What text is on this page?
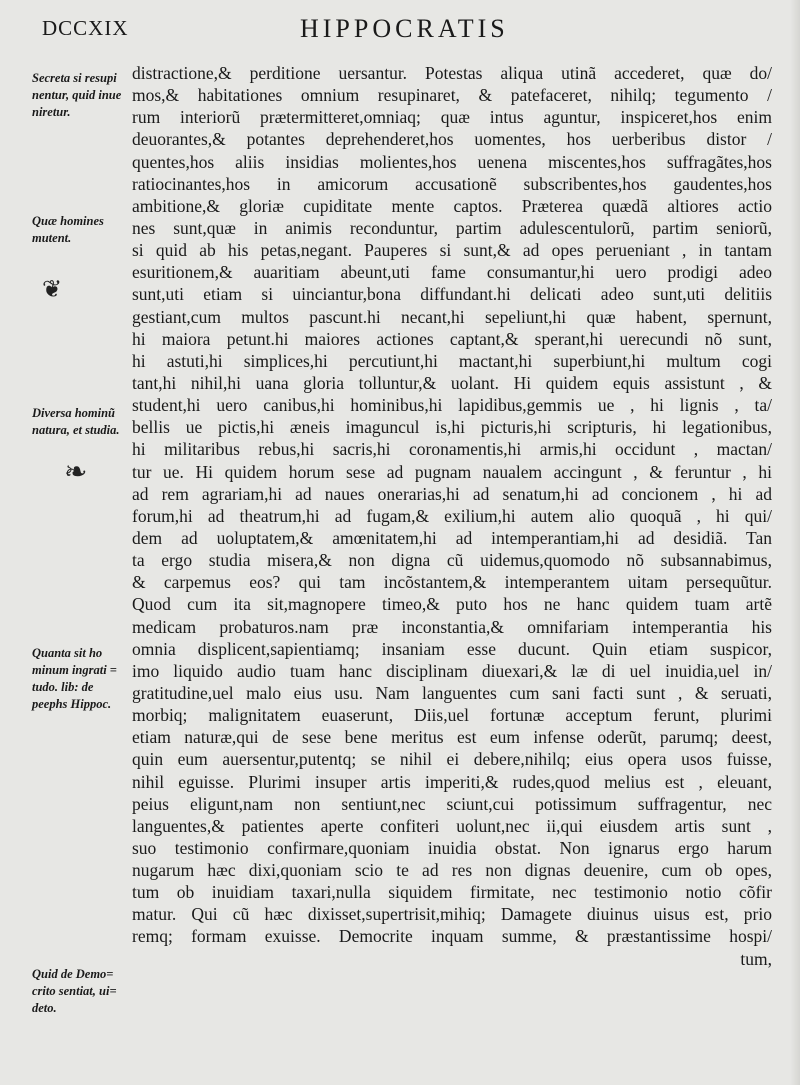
DCCXIX	HIPPOCRATIS
Secreta si resupi nentur, quid inue niretur.
Quæ homines mutent.
Diversa hominũ natura, et studia.
Quanta sit ho minum ingrati = tudo. lib: de peephs Hippoc.
Quid de Demo= crito sentiat, ui= deto.
❦
❧
distractione,& perditione uersantur. Potestas aliqua utinã accederet, quæ do/
mos,& habitationes omnium resupinaret, & patefaceret, nihilq; tegumento /
rum interiorũ prætermitteret,omniaq; quæ intus aguntur, inspiceret,hos enim
deuorantes,& potantes deprehenderet,hos uomentes, hos uerberibus distor /
quentes,hos aliis insidias molientes,hos uenena miscentes,hos suffragãtes,hos
ratiocinantes,hos in amicorum accusationẽ subscribentes,hos gaudentes,hos
ambitione,& gloriæ cupiditate mente captos. Præterea quædã altiores actio
nes sunt,quæ in animis reconduntur, partim adulescentulorũ, partim seniorũ,
si quid ab his petas,negant. Pauperes si sunt,& ad opes perueniant , in tantam
esuritionem,& auaritiam abeunt,uti fame consumantur,hi uero prodigi adeo
sunt,uti etiam si uinciantur,bona diffundant.hi delicati adeo sunt,uti delitiis
gestiant,cum multos pascunt.hi necant,hi sepeliunt,hi quæ habent, spernunt,
hi maiora petunt.hi maiores actiones captant,& sperant,hi uerecundi nõ sunt,
hi astuti,hi simplices,hi percutiunt,hi mactant,hi superbiunt,hi multum cogi
tant,hi nihil,hi uana gloria tolluntur,& uolant. Hi quidem equis assistunt , &
student,hi uero canibus,hi hominibus,hi lapidibus,gemmis ue , hi lignis , ta/
bellis ue pictis,hi æneis imaguncul is,hi picturis,hi scripturis, hi legationibus,
hi militaribus rebus,hi sacris,hi coronamentis,hi armis,hi occidunt , mactan/
tur ue. Hi quidem horum sese ad pugnam naualem accingunt , & feruntur , hi
ad rem agrariam,hi ad naues onerarias,hi ad senatum,hi ad concionem , hi ad
forum,hi ad theatrum,hi ad fugam,& exilium,hi autem alio quoquã , hi qui/
dem ad uoluptatem,& amœnitatem,hi ad intemperantiam,hi ad desidiã. Tan
ta ergo studia misera,& non digna cũ uidemus,quomodo nõ subsannabimus,
& carpemus eos? qui tam incõstantem,& intemperantem uitam persequũtur.
Quod cum ita sit,magnopere timeo,& puto hos ne hanc quidem tuam artẽ
medicam probaturos.nam præ inconstantia,& omnifariam intemperantia his
omnia displicent,sapientiamq; insaniam esse ducunt. Quin etiam suspicor,
imo liquido audio tuam hanc disciplinam diuexari,& læ di uel inuidia,uel in/
gratitudine,uel malo eius usu. Nam languentes cum sani facti sunt , & seruati,
morbiq; malignitatem euaserunt, Diis,uel fortunæ acceptum ferunt, plurimi
etiam naturæ,qui de sese bene meritus est eum infense oderũt, parumq; deest,
quin eum auersentur,putentq; se nihil ei debere,nihilq; eius opera usos fuisse,
nihil eguisse. Plurimi insuper artis imperiti,& rudes,quod melius est , eleuant,
peius eligunt,nam non sentiunt,nec sciunt,cui potissimum suffragentur, nec
languentes,& patientes aperte confiteri uolunt,nec ii,qui eiusdem artis sunt ,
suo testimonio confirmare,quoniam inuidia obstat. Non ignarus ergo harum
nugarum hæc dixi,quoniam scio te ad res non dignas deuenire, cum ob opes,
tum ob inuidiam taxari,nulla siquidem firmitate, nec testimonio notio cõfir
matur. Qui cũ hæc dixisset,supertrisit,mihiq; Damagete diuinus uisus est, prio
remq; formam exuisse. Democrite inquam summe, & præstantissime hospi/
tum,
